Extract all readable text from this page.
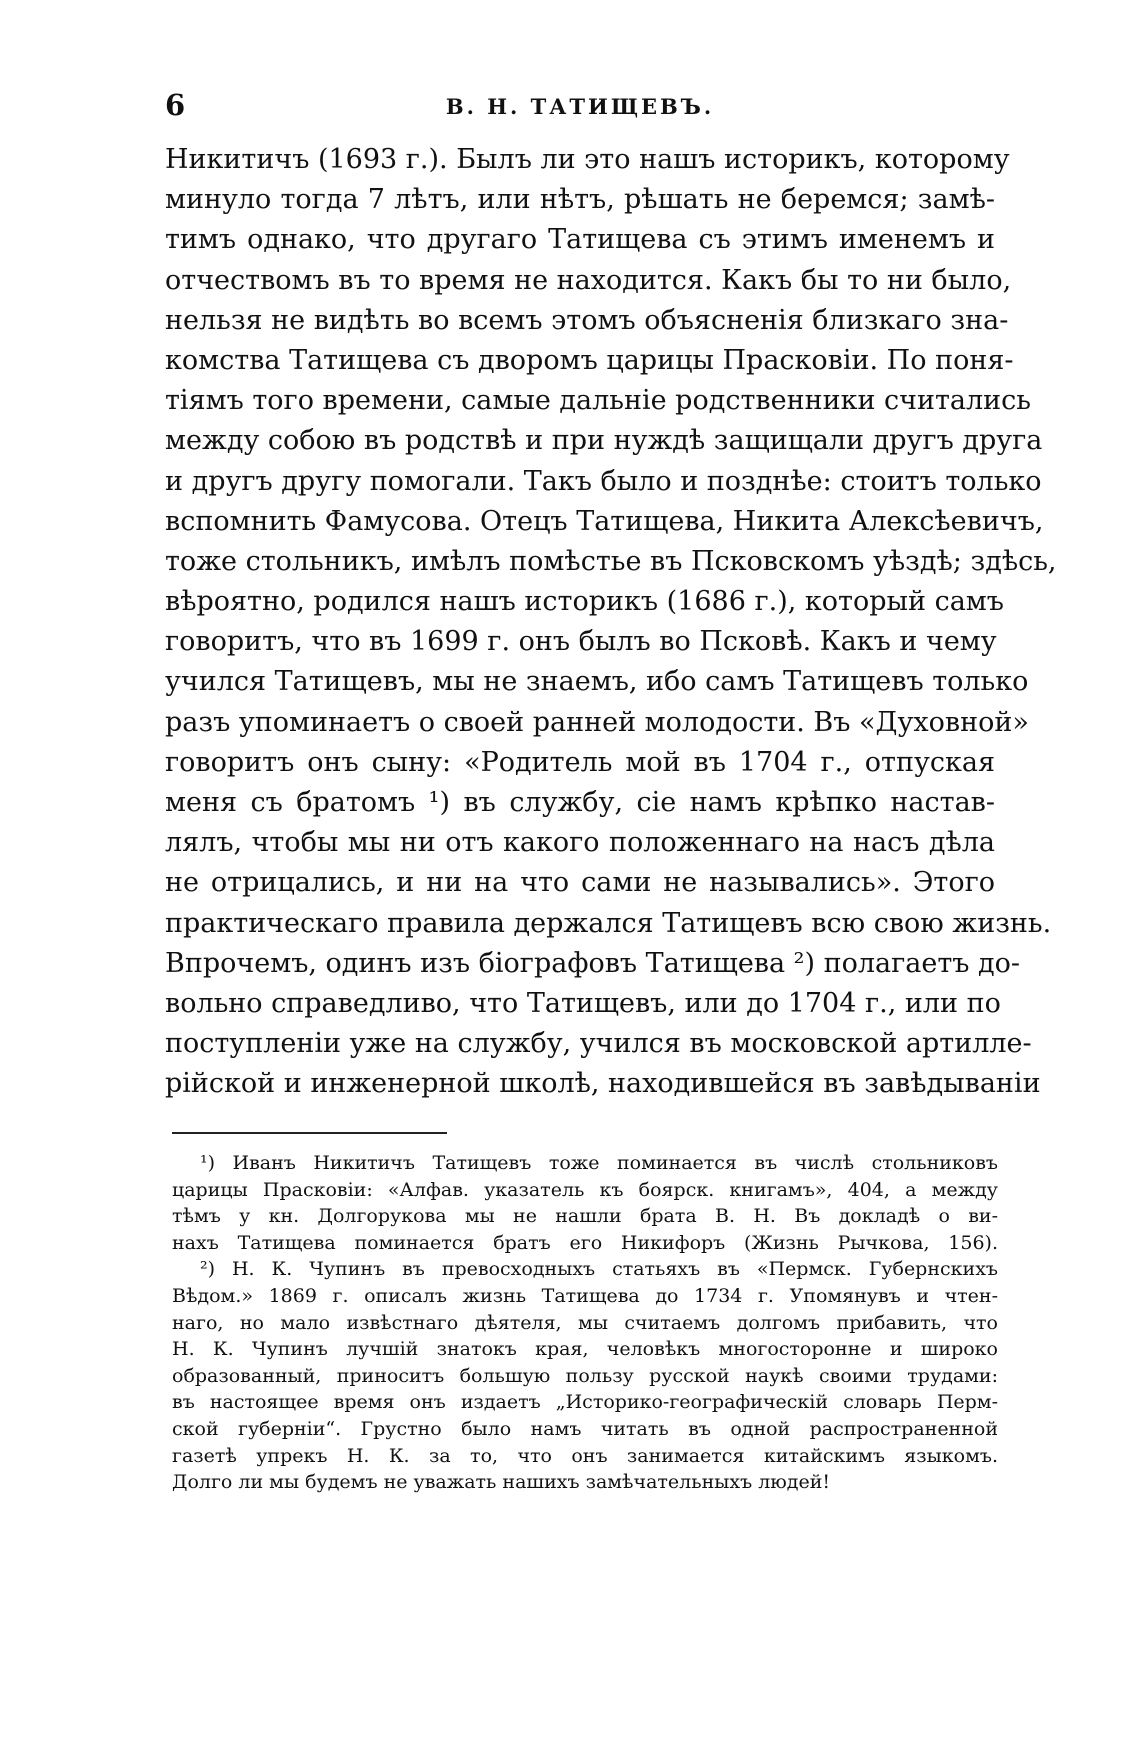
6	В. Н. ТАТИЩЕВЪ.
Никитичъ (1693 г.). Былъ ли это нашъ историкъ, которому
минуло тогда 7 лѣтъ, или нѣтъ, рѣшать не беремся; замѣ-
тимъ однако, что другаго Татищева съ этимъ именемъ и
отчествомъ въ то время не находится. Какъ бы то ни было,
нельзя не видѣть во всемъ этомъ объясненія близкаго зна-
комства Татищева съ дворомъ царицы Прасковіи. По поня-
тіямъ того времени, самые дальніе родственники считались
между собою въ родствѣ и при нуждѣ защищали другъ друга
и другъ другу помогали. Такъ было и позднѣе: стоитъ только
вспомнить Фамусова. Отецъ Татищева, Никита Алексѣевичъ,
тоже стольникъ, имѣлъ помѣстье въ Псковскомъ уѣздѣ; здѣсь,
вѣроятно, родился нашъ историкъ (1686 г.), который самъ
говоритъ, что въ 1699 г. онъ былъ во Псковѣ. Какъ и чему
учился Татищевъ, мы не знаемъ, ибо самъ Татищевъ только
разъ упоминаетъ о своей ранней молодости. Въ «Духовной»
говоритъ онъ сыну: «Родитель мой въ 1704 г., отпуская
меня съ братомъ ¹) въ службу, сіе намъ крѣпко настав-
лялъ, чтобы мы ни отъ какого положеннаго на насъ дѣла
не отрицались, и ни на что сами не назывались». Этого
практическаго правила держался Татищевъ всю свою жизнь.
Впрочемъ, одинъ изъ біографовъ Татищева ²) полагаетъ до-
вольно справедливо, что Татищевъ, или до 1704 г., или по
поступленіи уже на службу, учился въ московской артилле-
рійской и инженерной школѣ, находившейся въ завѣдываніи
¹) Иванъ Никитичъ Татищевъ тоже поминается въ числѣ стольниковъ
царицы Прасковіи: «Алфав. указатель къ боярск. книгамъ», 404, а между
тѣмъ у кн. Долгорукова мы не нашли брата В. Н. Въ докладѣ о ви-
нахъ Татищева поминается братъ его Никифоръ (Жизнь Рычкова, 156).
²) Н. К. Чупинъ въ превосходныхъ статьяхъ въ «Пермск. Губернскихъ
Вѣдом.» 1869 г. описалъ жизнь Татищева до 1734 г. Упомянувъ и чтен-
наго, но мало извѣстнаго дѣятеля, мы считаемъ долгомъ прибавить, что
Н. К. Чупинъ лучшій знатокъ края, человѣкъ многосторонне и широко
образованный, приноситъ большую пользу русской наукѣ своими трудами:
въ настоящее время онъ издаетъ „Историко-географическій словарь Перм-
ской губерніи“. Грустно было намъ читать въ одной распространенной
газетѣ упрекъ Н. К. за то, что онъ занимается китайскимъ языкомъ.
Долго ли мы будемъ не уважать нашихъ замѣчательныхъ людей!
